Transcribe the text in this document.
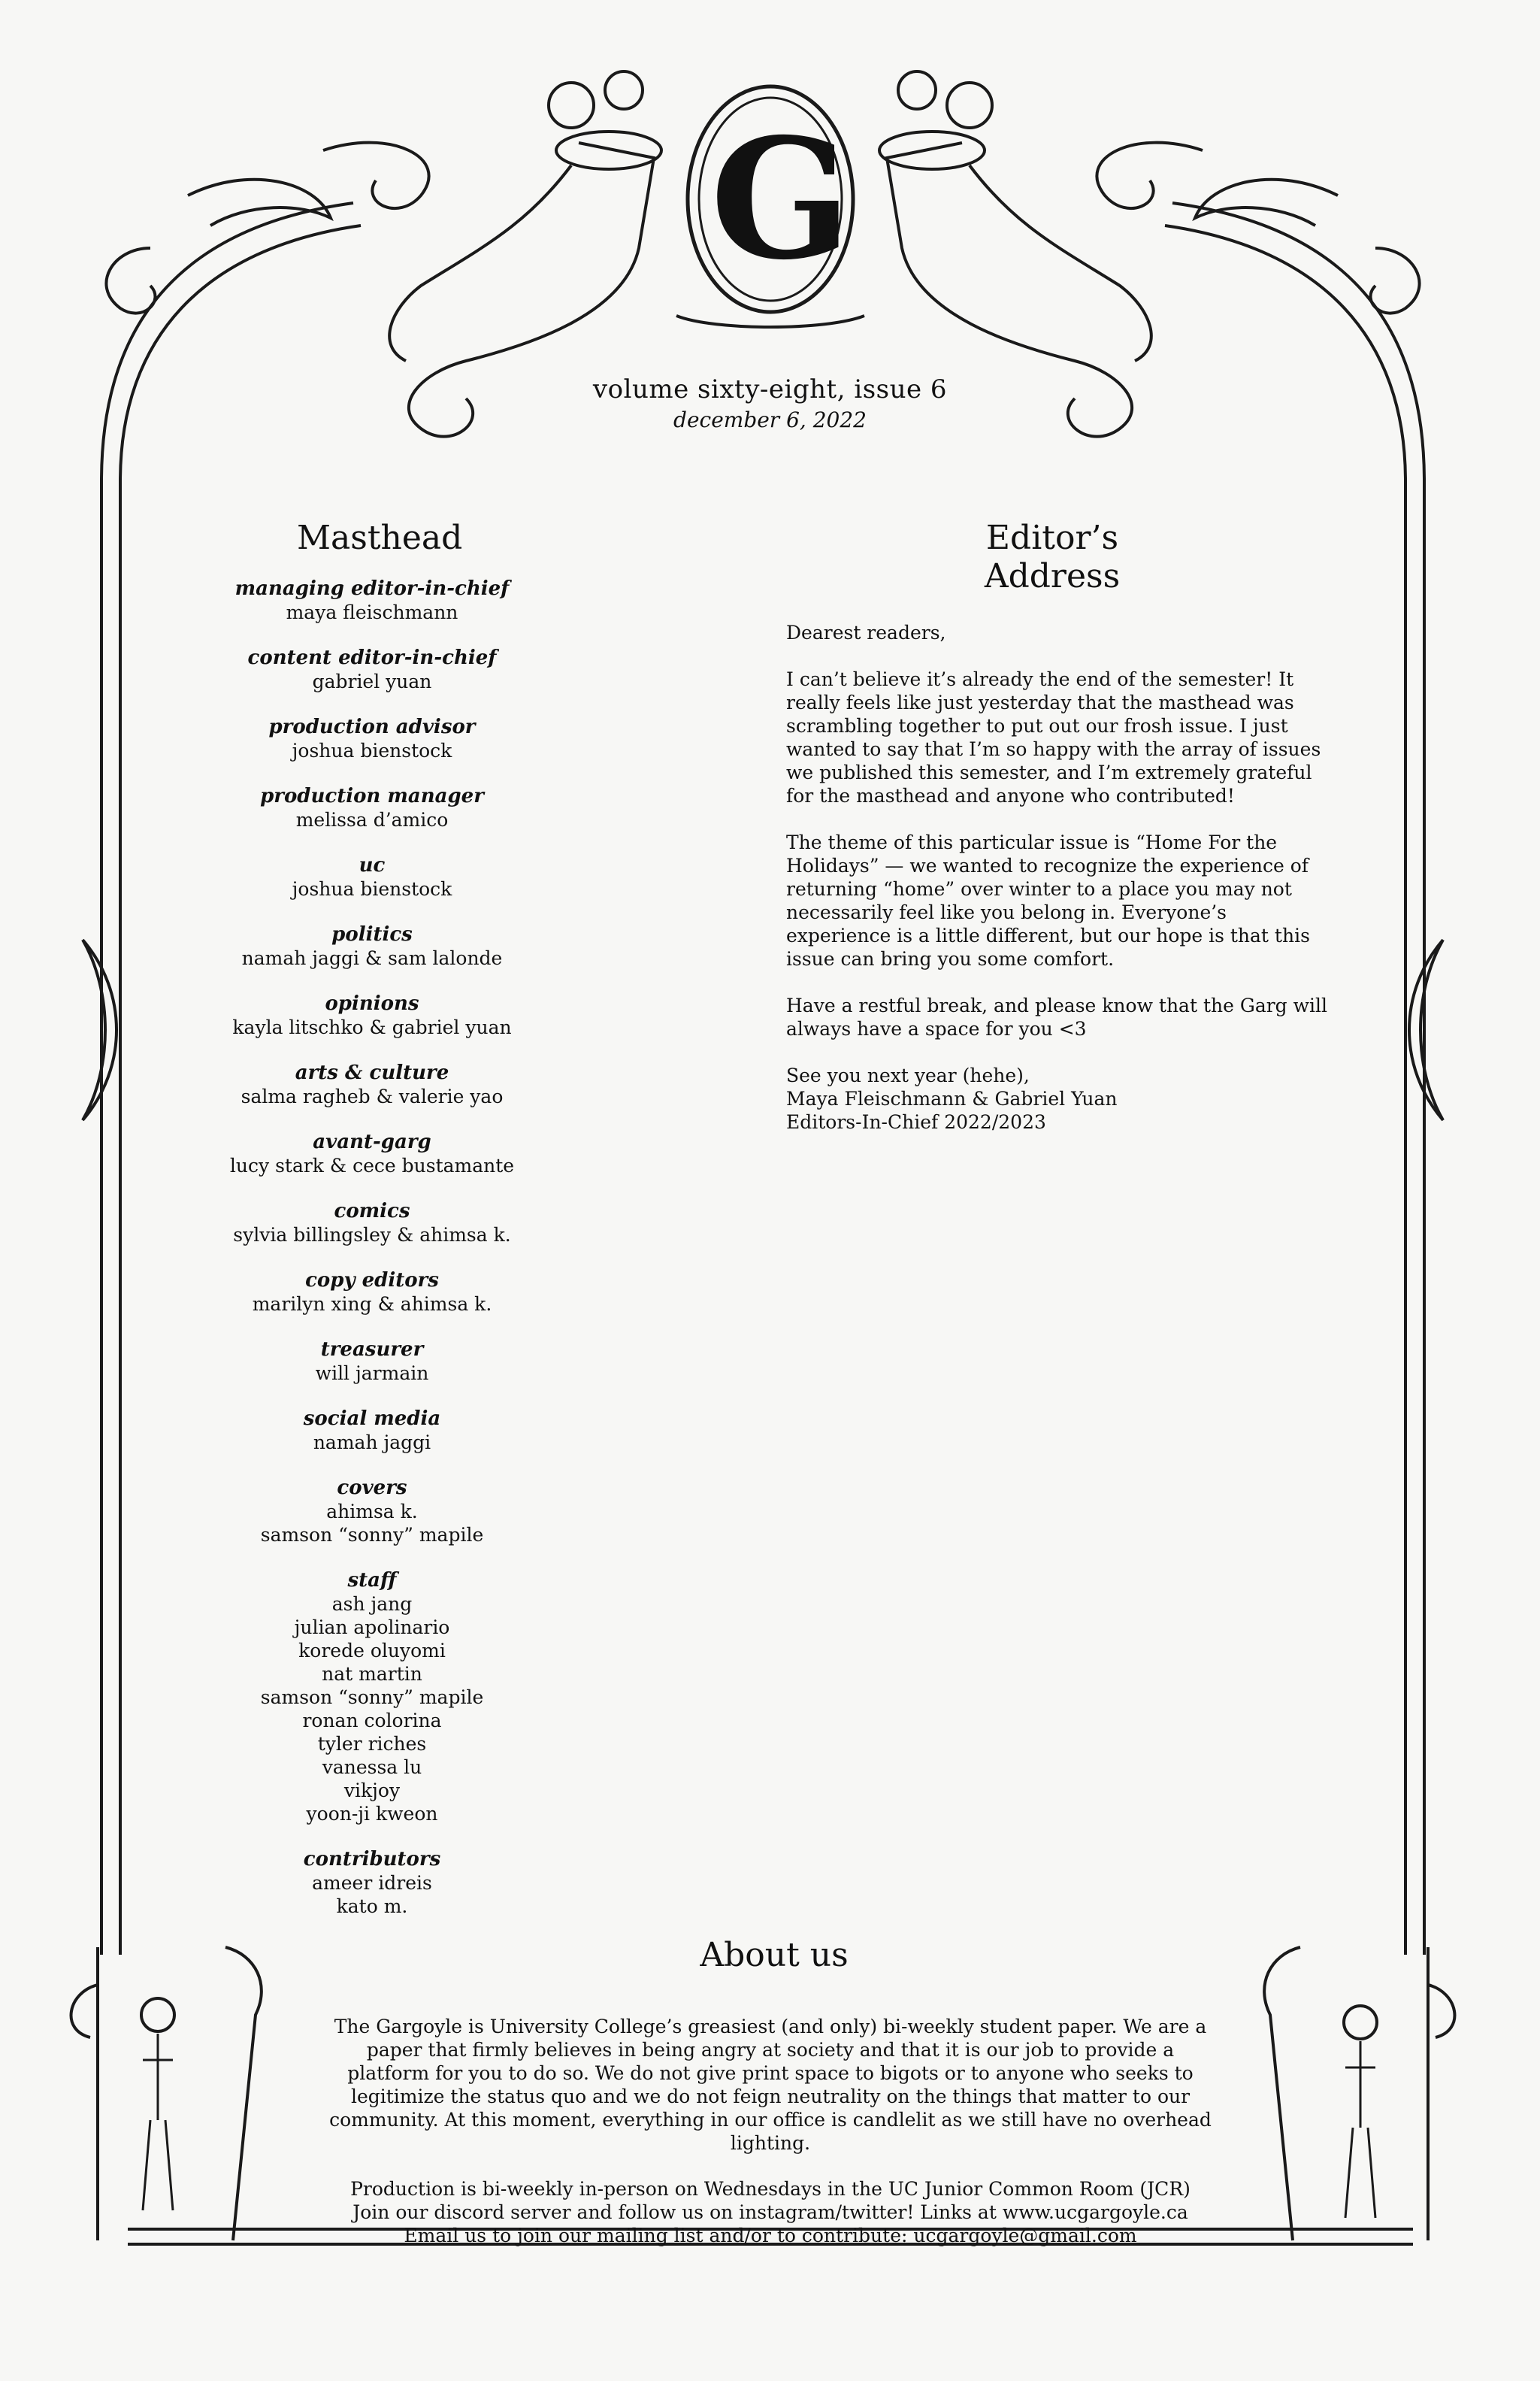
G
volume sixty-eight, issue 6
december 6, 2022
Masthead	Editor’s Address
About us
managing editor-in-chief
maya fleischmann
content editor-in-chief
gabriel yuan
production advisor
joshua bienstock
production manager
melissa d’amico
uc
joshua bienstock
politics
namah jaggi & sam lalonde
opinions
kayla litschko & gabriel yuan
arts & culture
salma ragheb & valerie yao
avant-garg
lucy stark & cece bustamante
comics
sylvia billingsley & ahimsa k.
copy editors
marilyn xing & ahimsa k.
treasurer
will jarmain
social media
namah jaggi
covers
ahimsa k.
samson “sonny” mapile
staff
ash jang
julian apolinario
korede oluyomi
nat martin
samson “sonny” mapile
ronan colorina
tyler riches
vanessa lu
vikjoy
yoon-ji kweon
contributors
ameer idreis
kato m.

Dearest readers,

I can’t believe it’s already the end of the semester! It really feels like just yesterday that the masthead was scrambling together to put out our frosh issue. I just wanted to say that I’m so happy with the array of issues we published this semester, and I’m extremely grateful for the masthead and anyone who contributed!

The theme of this particular issue is “Home For the Holidays” — we wanted to recognize the experience of returning “home” over winter to a place you may not necessarily feel like you belong in. Everyone’s experience is a little different, but our hope is that this issue can bring you some comfort.

Have a restful break, and please know that the Garg will always have a space for you <3

See you next year (hehe),
Maya Fleischmann & Gabriel Yuan
Editors-In-Chief 2022/2023

The Gargoyle is University College’s greasiest (and only) bi-weekly student paper. We are a paper that firmly believes in being angry at society and that it is our job to provide a platform for you to do so. We do not give print space to bigots or to anyone who seeks to legitimize the status quo and we do not feign neutrality on the things that matter to our community. At this moment, everything in our office is candlelit as we still have no overhead lighting.

Production is bi-weekly in-person on Wednesdays in the UC Junior Common Room (JCR)
Join our discord server and follow us on instagram/twitter! Links at www.ucgargoyle.ca
Email us to join our mailing list and/or to contribute: ucgargoyle@gmail.com
